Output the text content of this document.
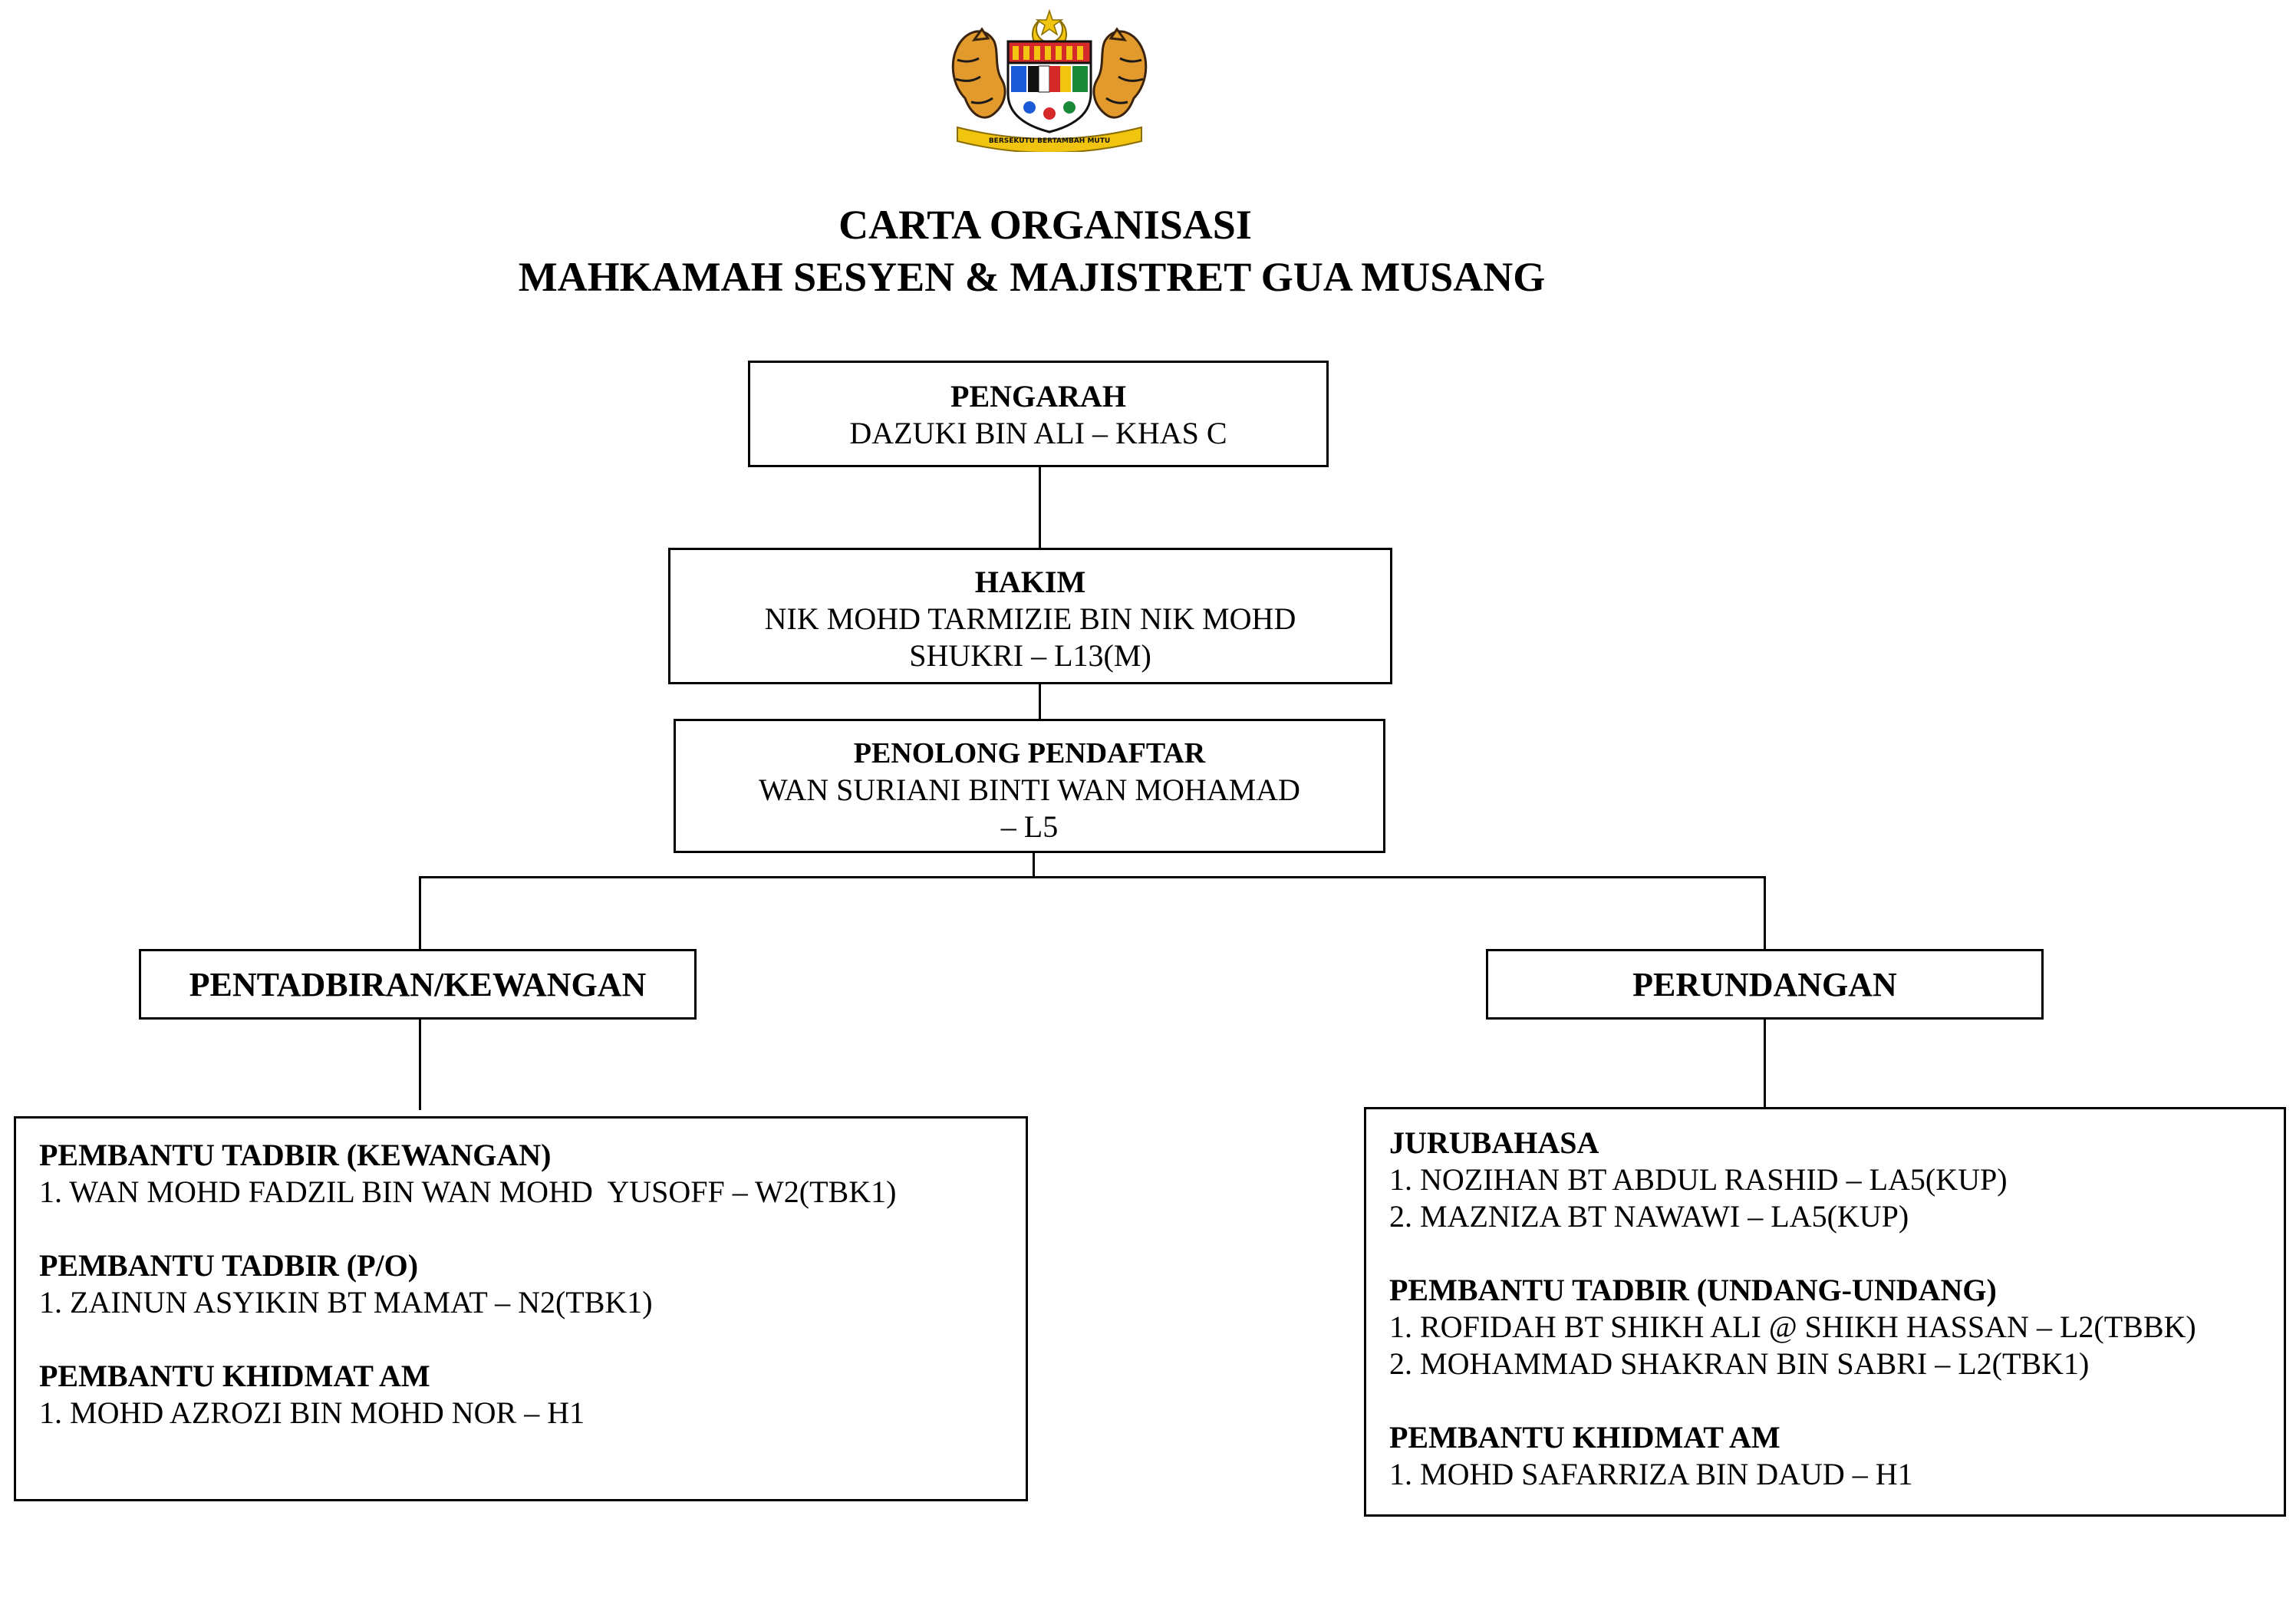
BERSEKUTU BERTAMBAH MUTU
CARTA ORGANISASI
MAHKAMAH SESYEN & MAJISTRET GUA MUSANG
PENGARAH
DAZUKI BIN ALI – KHAS C
HAKIM
NIK MOHD TARMIZIE BIN NIK MOHD
SHUKRI – L13(M)
PENOLONG PENDAFTAR
WAN SURIANI BINTI WAN MOHAMAD
– L5
PENTADBIRAN/KEWANGAN	PERUNDANGAN
PEMBANTU TADBIR (KEWANGAN)
1. WAN MOHD FADZIL BIN WAN MOHD  YUSOFF – W2(TBK1)
PEMBANTU TADBIR (P/O)
1. ZAINUN ASYIKIN BT MAMAT – N2(TBK1)
PEMBANTU KHIDMAT AM
1. MOHD AZROZI BIN MOHD NOR – H1
JURUBAHASA
1. NOZIHAN BT ABDUL RASHID – LA5(KUP)
2. MAZNIZA BT NAWAWI – LA5(KUP)
PEMBANTU TADBIR (UNDANG-UNDANG)
1. ROFIDAH BT SHIKH ALI @ SHIKH HASSAN – L2(TBBK)
2. MOHAMMAD SHAKRAN BIN SABRI – L2(TBK1)
PEMBANTU KHIDMAT AM
1. MOHD SAFARRIZA BIN DAUD – H1
